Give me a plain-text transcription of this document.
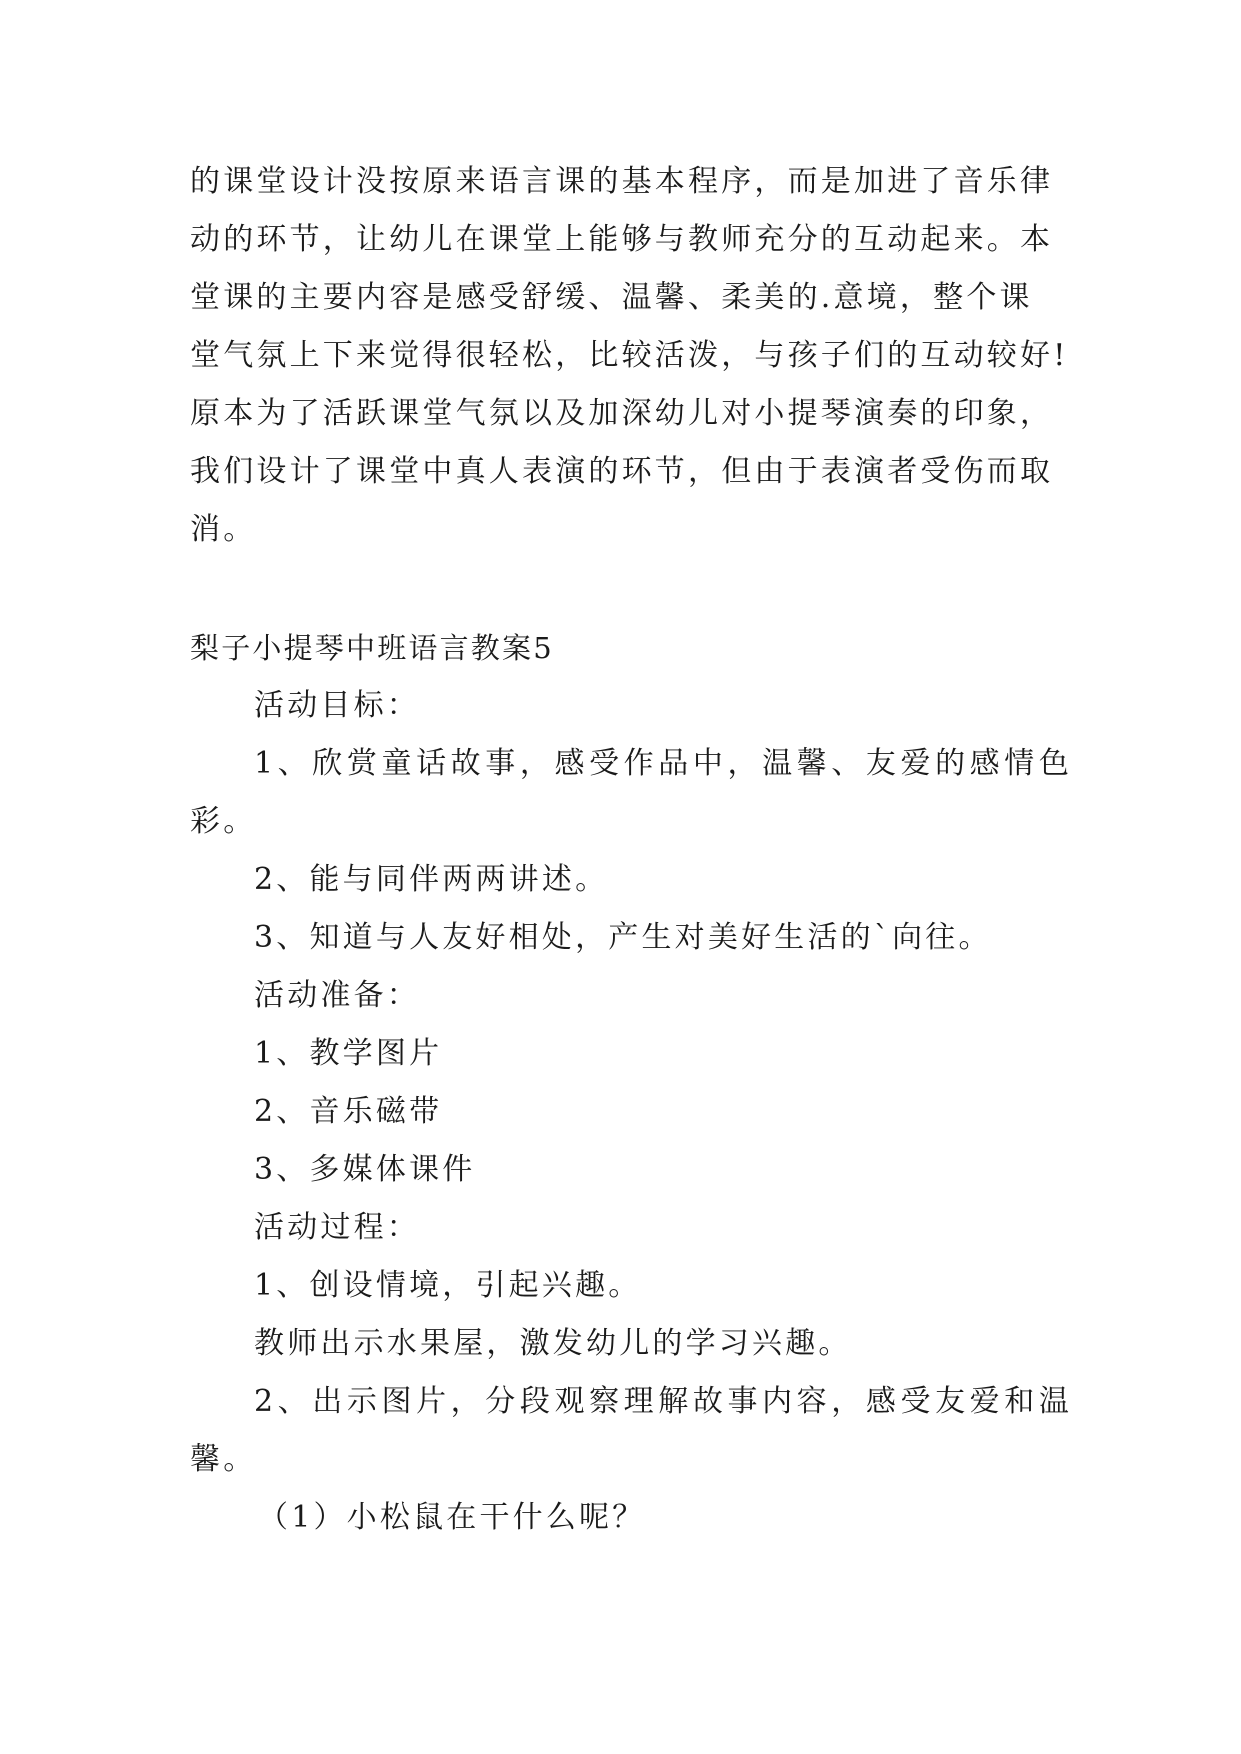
的课堂设计没按原来语言课的基本程序，而是加进了音乐律
动的环节，让幼儿在课堂上能够与教师充分的互动起来。本
堂课的主要内容是感受舒缓、温馨、柔美的.意境，整个课
堂气氛上下来觉得很轻松，比较活泼，与孩子们的互动较好!
原本为了活跃课堂气氛以及加深幼儿对小提琴演奏的印象，
我们设计了课堂中真人表演的环节，但由于表演者受伤而取
消。
梨子小提琴中班语言教案5
活动目标：
1、欣赏童话故事，感受作品中，温馨、友爱的感情色
彩。
2、能与同伴两两讲述。
3、知道与人友好相处，产生对美好生活的`向往。
活动准备：
1、教学图片
2、音乐磁带
3、多媒体课件
活动过程：
1、创设情境，引起兴趣。
教师出示水果屋，激发幼儿的学习兴趣。
2、出示图片，分段观察理解故事内容，感受友爱和温
馨。
（1）小松鼠在干什么呢？
